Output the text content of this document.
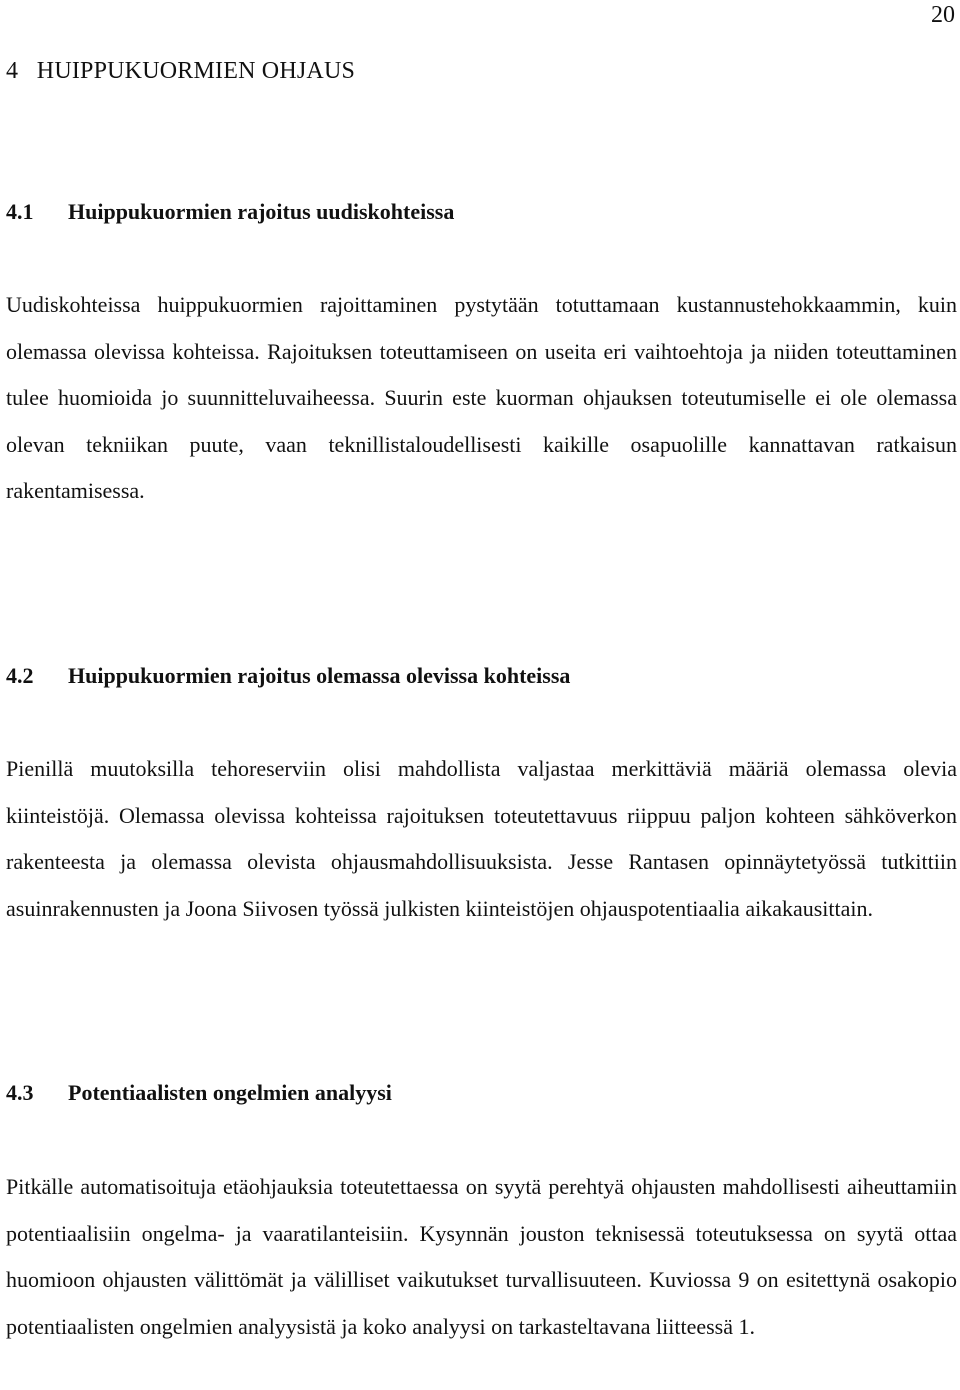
20
4   HUIPPUKUORMIEN OHJAUS
4.1 Huippukuormien rajoitus uudiskohteissa

Uudiskohteissa huippukuormien rajoittaminen pystytään totuttamaan kustannustehokkaammin, kuin olemassa olevissa kohteissa. Rajoituksen toteuttamiseen on useita eri vaihtoehtoja ja niiden toteuttaminen tulee huomioida jo suunnitteluvaiheessa. Suurin este kuorman ohjauksen toteutumiselle ei ole olemassa olevan tekniikan puute, vaan teknillistaloudellisesti kaikille osapuolille kannattavan ratkaisun rakentamisessa.

4.2 Huippukuormien rajoitus olemassa olevissa kohteissa

Pienillä muutoksilla tehoreserviin olisi mahdollista valjastaa merkittäviä määriä olemassa olevia kiinteistöjä. Olemassa olevissa kohteissa rajoituksen toteutettavuus riippuu paljon kohteen sähköverkon rakenteesta ja olemassa olevista ohjausmahdollisuuksista. Jesse Rantasen opinnäytetyössä tutkittiin asuinrakennusten ja Joona Siivosen työssä julkisten kiinteistöjen ohjauspotentiaalia aikakausittain.

4.3 Potentiaalisten ongelmien analyysi

Pitkälle automatisoituja etäohjauksia toteutettaessa on syytä perehtyä ohjausten mahdollisesti aiheuttamiin potentiaalisiin ongelma- ja vaaratilanteisiin. Kysynnän jouston teknisessä toteutuksessa on syytä ottaa huomioon ohjausten välittömät ja välilliset vaikutukset turvallisuuteen. Kuviossa 9 on esitettynä osakopio potentiaalisten ongelmien analyysistä ja koko analyysi on tarkasteltavana liitteessä 1.
